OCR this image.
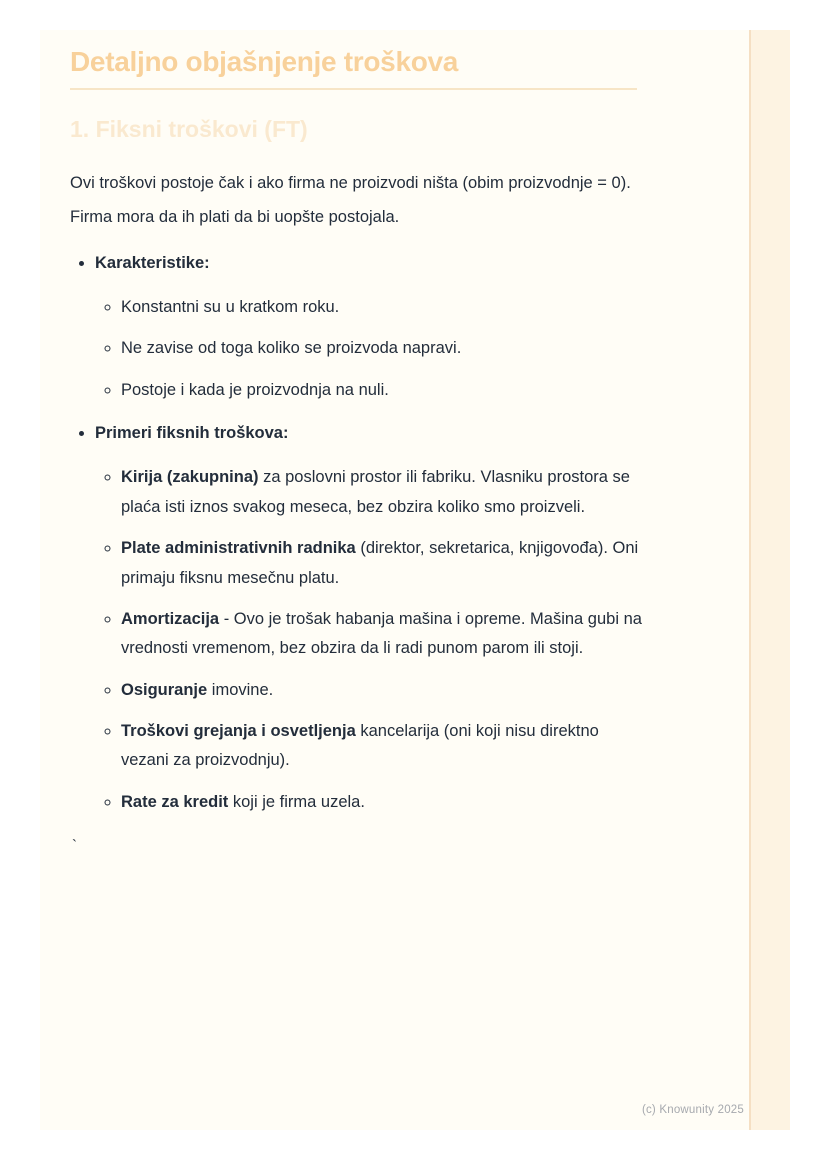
Detaljno objašnjenje troškova
1. Fiksni troškovi (FT)

Ovi troškovi postoje čak i ako firma ne proizvodi ništa (obim proizvodnje = 0). Firma mora da ih plati da bi uopšte postojala.

• Karakteristike:
◦ Konstantni su u kratkom roku.
◦ Ne zavise od toga koliko se proizvoda napravi.
◦ Postoje i kada je proizvodnja na nuli.
• Primeri fiksnih troškova:
◦ Kirija (zakupnina) za poslovni prostor ili fabriku. Vlasniku prostora se plaća isti iznos svakog meseca, bez obzira koliko smo proizveli.
◦ Plate administrativnih radnika (direktor, sekretarica, knjigovođa). Oni primaju fiksnu mesečnu platu.
◦ Amortizacija - Ovo je trošak habanja mašina i opreme. Mašina gubi na vrednosti vremenom, bez obzira da li radi punom parom ili stoji.
◦ Osiguranje imovine.
◦ Troškovi grejanja i osvetljenja kancelarija (oni koji nisu direktno vezani za proizvodnju).
◦ Rate za kredit koji je firma uzela.
`
(c) Knowunity 2025
